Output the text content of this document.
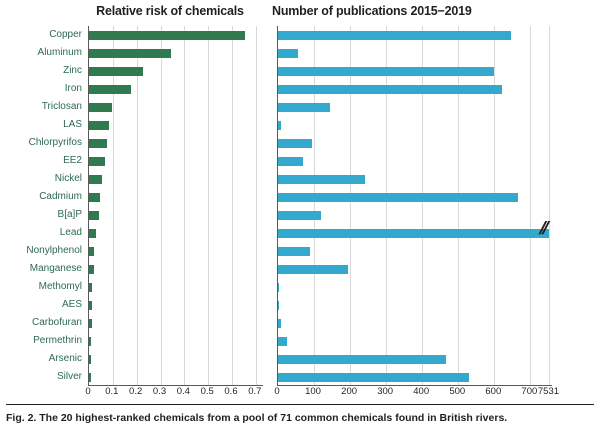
Relative risk of chemicals	Number of publications 2015−2019
Copper
Aluminum
Zinc
Iron
Triclosan
LAS
Chlorpyrifos
EE2
Nickel
Cadmium
B[a]P
Lead
Nonylphenol
Manganese
Methomyl
AES
Carbofuran
Permethrin
Arsenic
Silver
0	0.1	0.2	0.3	0.4	0.5	0.6	0.7	0	100	200	300	400	500	600	700 7531
//
Fig. 2. The 20 highest-ranked chemicals from a pool of 71 common chemicals found in British rivers.
